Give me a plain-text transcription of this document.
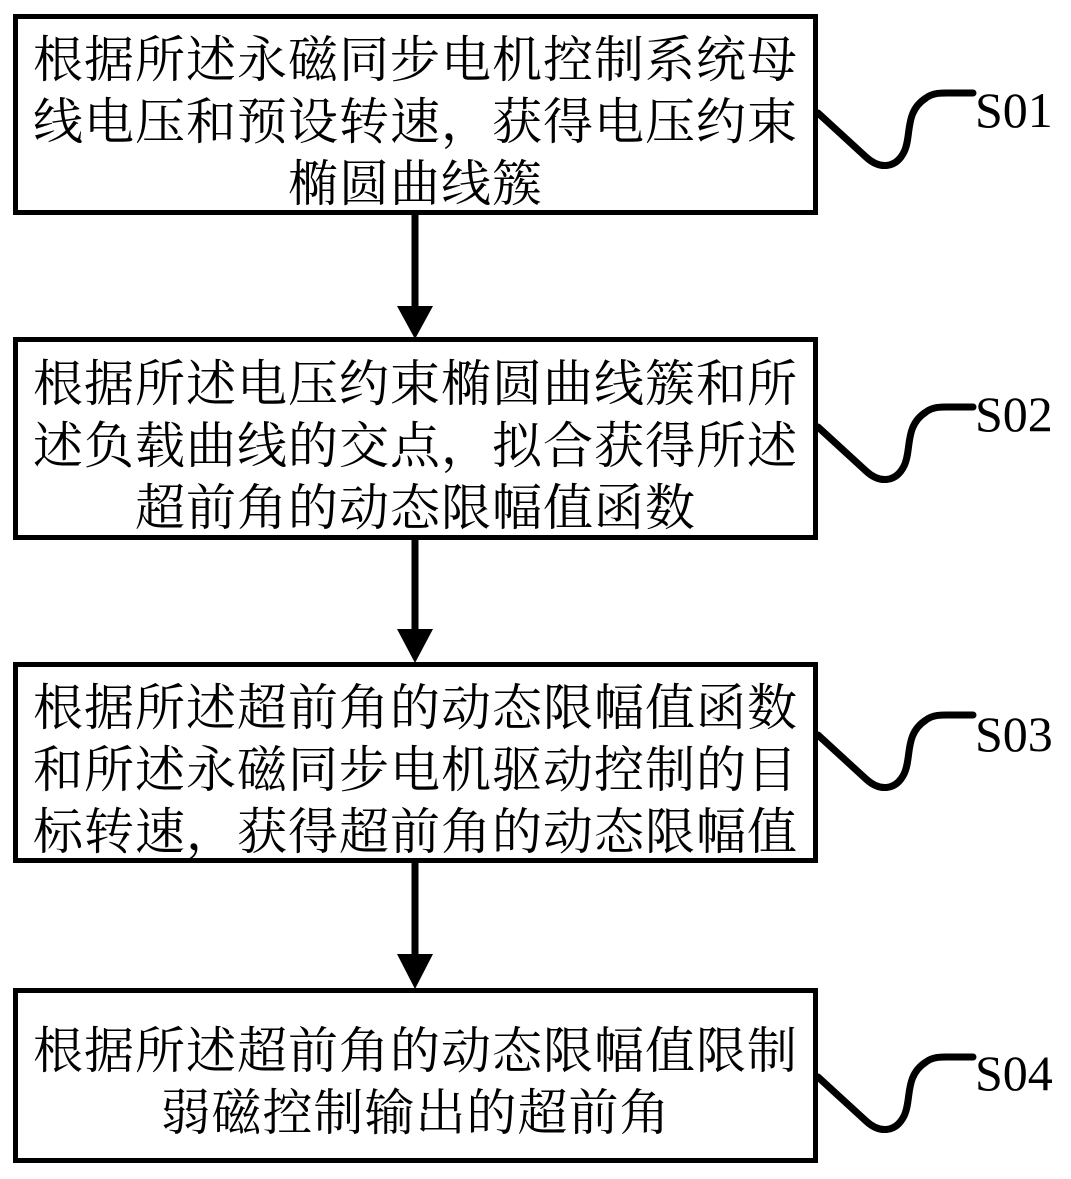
根据所述永磁同步电机控制系统母
线电压和预设转速，获得电压约束
椭圆曲线簇
根据所述电压约束椭圆曲线簇和所
述负载曲线的交点，拟合获得所述
超前角的动态限幅值函数
根据所述超前角的动态限幅值函数
和所述永磁同步电机驱动控制的目
标转速，获得超前角的动态限幅值
根据所述超前角的动态限幅值限制
弱磁控制输出的超前角
S01
S02
S03
S04
